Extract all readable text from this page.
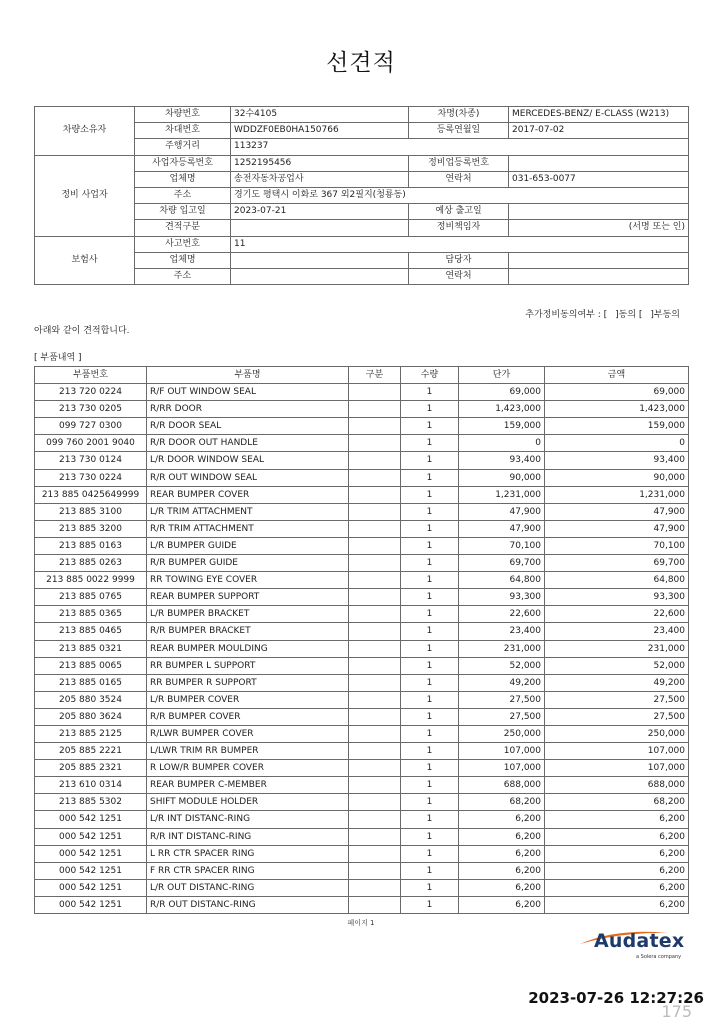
선견적
차량소유자	차량번호	32수4105	차명(차종)	MERCEDES-BENZ/ E-CLASS (W213)
	차대번호	WDDZF0EB0HA150766	등록연월일	2017-07-02
	주행거리	113237		
정비 사업자	사업자등록번호	1252195456	정비업등록번호	
	업체명	송전자동차공업사	연락처	031-653-0077
	주소	경기도 평택시 이화로 367 외2필지(청룡동)		
	차량 입고일	2023-07-21	예상 출고일	
	견적구분		정비책임자	(서명 또는 인)
보험사	사고번호	11		
	업체명		담당자	
	주소		연락처	
추가정비동의여부 : [ ]동의 [ ]부동의
아래와 같이 견적합니다.
[ 부품내역 ]
부품번호	부품명	구분	수량	단가	금액
213 720 0224	R/F OUT WINDOW SEAL		1	69,000	69,000
213 730 0205	R/RR DOOR		1	1,423,000	1,423,000
099 727 0300	R/R DOOR SEAL		1	159,000	159,000
099 760 2001 9040	R/R DOOR OUT HANDLE		1	0	0
213 730 0124	L/R DOOR WINDOW SEAL		1	93,400	93,400
213 730 0224	R/R OUT WINDOW SEAL		1	90,000	90,000
213 885 0425649999	REAR BUMPER COVER		1	1,231,000	1,231,000
213 885 3100	L/R TRIM ATTACHMENT		1	47,900	47,900
213 885 3200	R/R TRIM ATTACHMENT		1	47,900	47,900
213 885 0163	L/R BUMPER GUIDE		1	70,100	70,100
213 885 0263	R/R BUMPER GUIDE		1	69,700	69,700
213 885 0022 9999	RR TOWING EYE COVER		1	64,800	64,800
213 885 0765	REAR BUMPER SUPPORT		1	93,300	93,300
213 885 0365	L/R BUMPER BRACKET		1	22,600	22,600
213 885 0465	R/R BUMPER BRACKET		1	23,400	23,400
213 885 0321	REAR BUMPER MOULDING		1	231,000	231,000
213 885 0065	RR BUMPER L SUPPORT		1	52,000	52,000
213 885 0165	RR BUMPER R SUPPORT		1	49,200	49,200
205 880 3524	L/R BUMPER COVER		1	27,500	27,500
205 880 3624	R/R BUMPER COVER		1	27,500	27,500
213 885 2125	R/LWR BUMPER COVER		1	250,000	250,000
205 885 2221	L/LWR TRIM RR BUMPER		1	107,000	107,000
205 885 2321	R LOW/R BUMPER COVER		1	107,000	107,000
213 610 0314	REAR BUMPER C-MEMBER		1	688,000	688,000
213 885 5302	SHIFT MODULE HOLDER		1	68,200	68,200
000 542 1251	L/R INT DISTANC-RING		1	6,200	6,200
000 542 1251	R/R INT DISTANC-RING		1	6,200	6,200
000 542 1251	L RR CTR SPACER RING		1	6,200	6,200
000 542 1251	F RR CTR SPACER RING		1	6,200	6,200
000 542 1251	L/R OUT DISTANC-RING		1	6,200	6,200
000 542 1251	R/R OUT DISTANC-RING		1	6,200	6,200
페이지 1
Audatex
a Solera company
2023-07-26 12:27:26
175
